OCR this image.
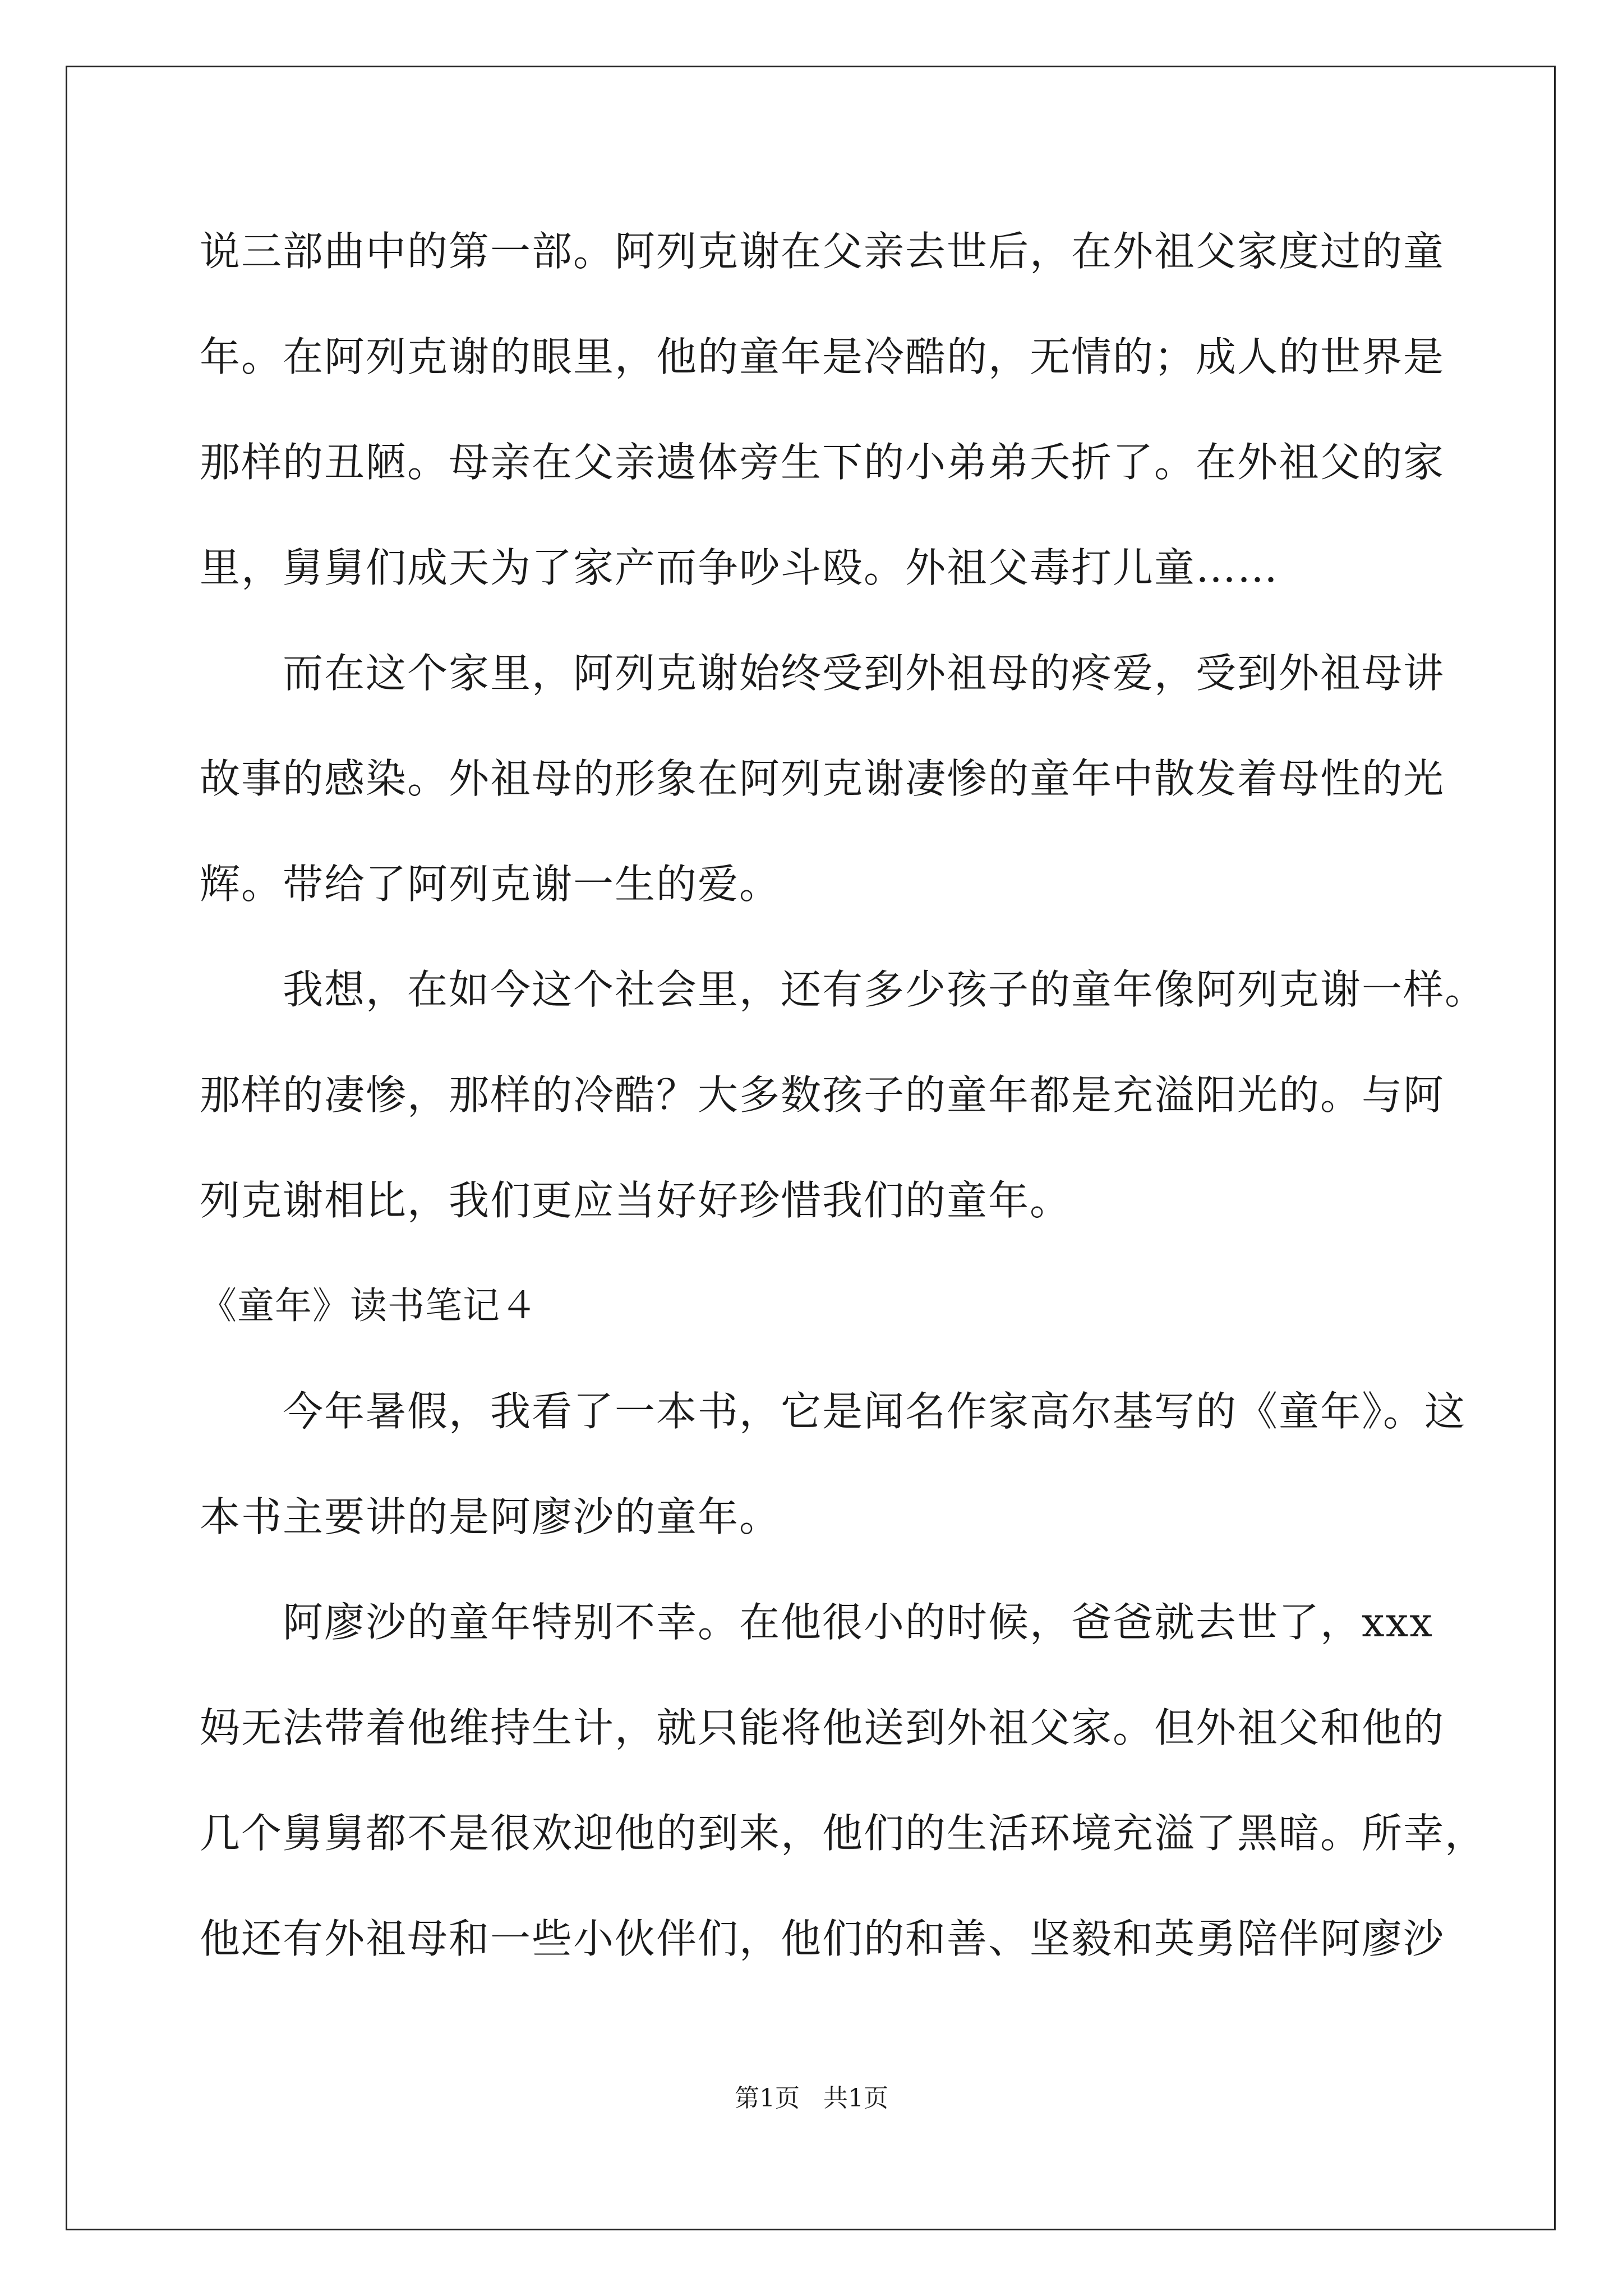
说三部曲中的第一部。阿列克谢在父亲去世后，在外祖父家度过的童
年。在阿列克谢的眼里，他的童年是冷酷的，无情的；成人的世界是
那样的丑陋。母亲在父亲遗体旁生下的小弟弟夭折了。在外祖父的家
里，舅舅们成天为了家产而争吵斗殴。外祖父毒打儿童……
而在这个家里，阿列克谢始终受到外祖母的疼爱，受到外祖母讲
故事的感染。外祖母的形象在阿列克谢凄惨的童年中散发着母性的光
辉。带给了阿列克谢一生的爱。
我想，在如今这个社会里，还有多少孩子的童年像阿列克谢一样。
那样的凄惨，那样的冷酷？大多数孩子的童年都是充溢阳光的。与阿
列克谢相比，我们更应当好好珍惜我们的童年。
《童年》读书笔记４
今年暑假，我看了一本书，它是闻名作家高尔基写的《童年》。这
本书主要讲的是阿廖沙的童年。
阿廖沙的童年特别不幸。在他很小的时候，爸爸就去世了，xxx
妈无法带着他维持生计，就只能将他送到外祖父家。但外祖父和他的
几个舅舅都不是很欢迎他的到来，他们的生活环境充溢了黑暗。所幸，
他还有外祖母和一些小伙伴们，他们的和善、坚毅和英勇陪伴阿廖沙
第1页   共1页
